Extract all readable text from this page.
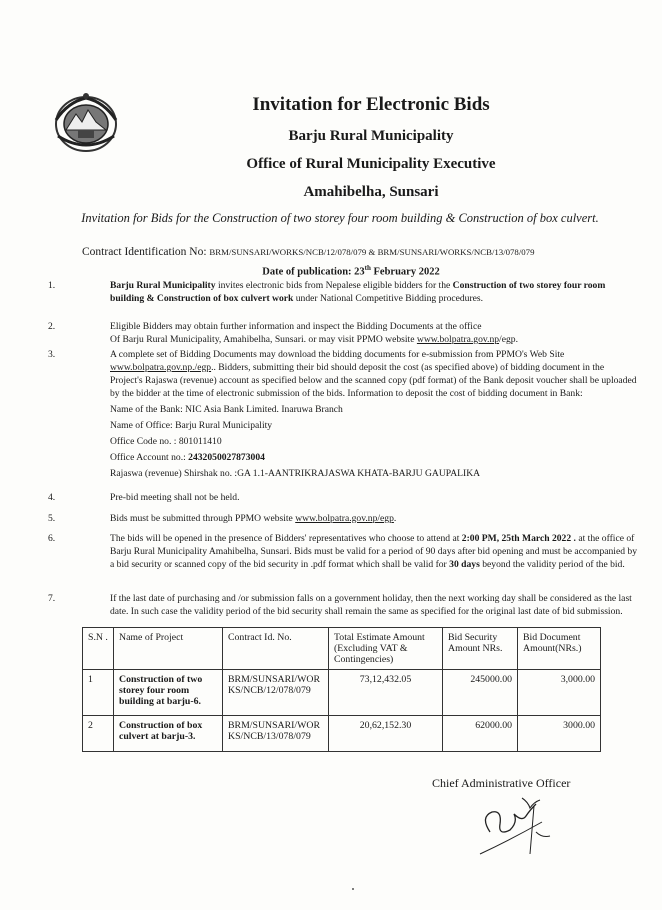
Invitation for Electronic Bids
Barju Rural Municipality
Office of Rural Municipality Executive
Amahibelha, Sunsari
Invitation for Bids for the Construction of two storey four room building & Construction of box culvert.
Contract Identification No: BRM/SUNSARI/WORKS/NCB/12/078/079 & BRM/SUNSARI/WORKS/NCB/13/078/079
Date of publication: 23th February 2022
1.	Barju Rural Municipality invites electronic bids from Nepalese eligible bidders for the Construction of two storey four room building & Construction of box culvert work under National Competitive Bidding procedures.
2.	Eligible Bidders may obtain further information and inspect the Bidding Documents at the office
Of Barju Rural Municipality, Amahibelha, Sunsari. or may visit PPMO website www.bolpatra.gov.np/egp.
3.	A complete set of Bidding Documents may download the bidding documents for e-submission from PPMO's Web Site www.bolpatra.gov.np./egp.. Bidders, submitting their bid should deposit the cost (as specified above) of bidding document in the Project's Rajaswa (revenue) account as specified below and the scanned copy (pdf format) of the Bank deposit voucher shall be uploaded by the bidder at the time of electronic submission of the bids. Information to deposit the cost of bidding document in Bank:
Name of the Bank: NIC Asia Bank Limited. Inaruwa Branch
Name of Office: Barju Rural Municipality
Office Code no. : 801011410
Office Account no.: 2432050027873004
Rajaswa (revenue) Shirshak no. :GA 1.1-AANTRIKRAJASWA KHATA-BARJU GAUPALIKA
4.	Pre-bid meeting shall not be held.
5.	Bids must be submitted through PPMO website www.bolpatra.gov.np/egp.
6.	The bids will be opened in the presence of Bidders' representatives who choose to attend at 2:00 PM, 25th March 2022 . at the office of Barju Rural Municipality Amahibelha, Sunsari. Bids must be valid for a period of 90 days after bid opening and must be accompanied by a bid security or scanned copy of the bid security in .pdf format which shall be valid for 30 days beyond the validity period of the bid.
7.	If the last date of purchasing and /or submission falls on a government holiday, then the next working day shall be considered as the last date. In such case the validity period of the bid security shall remain the same as specified for the original last date of bid submission.
S.N .	Name of Project	Contract Id. No.	Total Estimate Amount (Excluding VAT & Contingencies)	Bid Security Amount NRs.	Bid Document Amount(NRs.)
1	Construction of two storey four room building at barju-6.	BRM/SUNSARI/WORKS/NCB/12/078/079	73,12,432.05	245000.00	3,000.00
2	Construction of box culvert at barju-3.	BRM/SUNSARI/WORKS/NCB/13/078/079	20,62,152.30	62000.00	3000.00
Chief Administrative Officer
